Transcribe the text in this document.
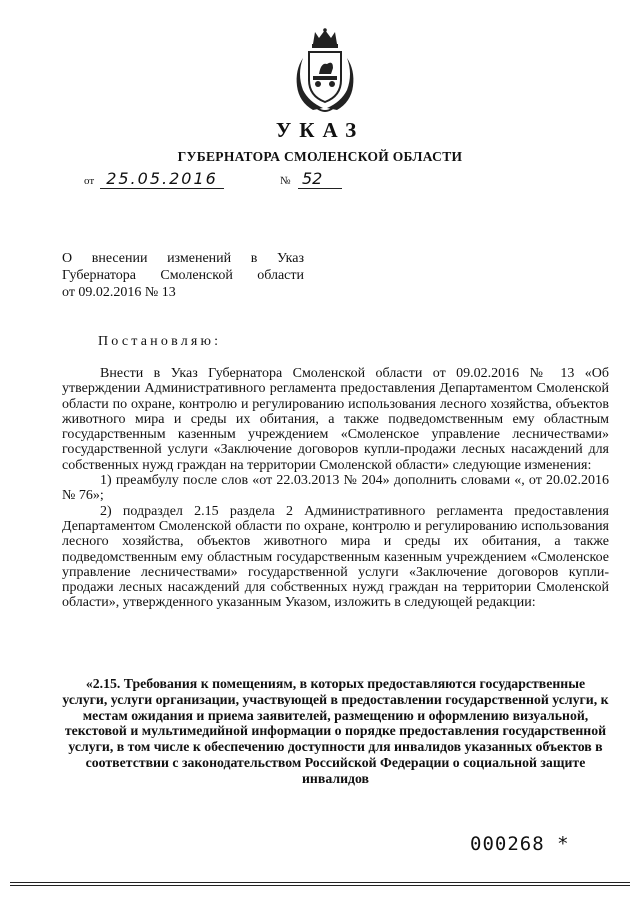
УКАЗ
ГУБЕРНАТОРА СМОЛЕНСКОЙ ОБЛАСТИ
от 25.05.2016	№ 52
О внесении изменений в Указ
Губернатора Смоленской области
от 09.02.2016 № 13
Постановляю:

Внести в Указ Губернатора Смоленской области от 09.02.2016 № 13 «Об утверждении Административного регламента предоставления Департаментом Смоленской области по охране, контролю и регулированию использования лесного хозяйства, объектов животного мира и среды их обитания, а также подведомственным ему областным государственным казенным учреждением «Смоленское управление лесничествами» государственной услуги «Заключение договоров купли-продажи лесных насаждений для собственных нужд граждан на территории Смоленской области» следующие изменения:

1) преамбулу после слов «от 22.03.2013 № 204» дополнить словами «, от 20.02.2016 № 76»;

2) подраздел 2.15 раздела 2 Административного регламента предоставления Департаментом Смоленской области по охране, контролю и регулированию использования лесного хозяйства, объектов животного мира и среды их обитания, а также подведомственным ему областным государственным казенным учреждением «Смоленское управление лесничествами» государственной услуги «Заключение договоров купли-продажи лесных насаждений для собственных нужд граждан на территории Смоленской области», утвержденного указанным Указом, изложить в следующей редакции:

«2.15. Требования к помещениям, в которых предоставляются государственные услуги, услуги организации, участвующей в предоставлении государственной услуги, к местам ожидания и приема заявителей, размещению и оформлению визуальной, текстовой и мультимедийной информации о порядке предоставления государственной услуги, в том числе к обеспечению доступности для инвалидов указанных объектов в соответствии с законодательством Российской Федерации о социальной защите инвалидов
000268 *
